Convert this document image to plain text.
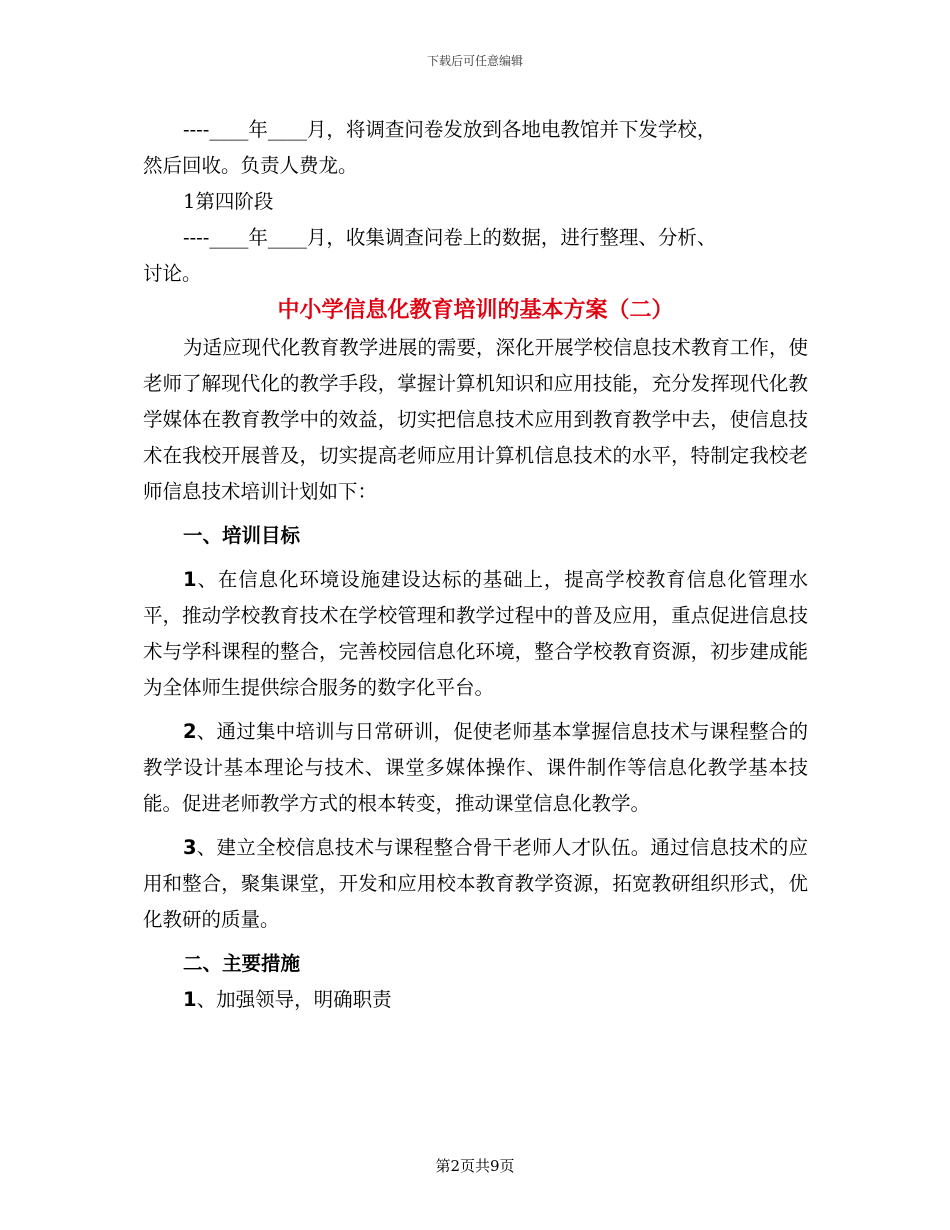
下载后可任意编辑

----____年____月，将调查问卷发放到各地电教馆并下发学校，

然后回收。负责人费龙。

1第四阶段

----____年____月，收集调查问卷上的数据，进行整理、分析、

讨论。

中小学信息化教育培训的基本方案（二）

为适应现代化教育教学进展的需要，深化开展学校信息技术教育工作，使老师了解现代化的教学手段，掌握计算机知识和应用技能，充分发挥现代化教学媒体在教育教学中的效益，切实把信息技术应用到教育教学中去，使信息技术在我校开展普及，切实提高老师应用计算机信息技术的水平，特制定我校老师信息技术培训计划如下：

一、培训目标

1、在信息化环境设施建设达标的基础上，提高学校教育信息化管理水平，推动学校教育技术在学校管理和教学过程中的普及应用，重点促进信息技术与学科课程的整合，完善校园信息化环境，整合学校教育资源，初步建成能为全体师生提供综合服务的数字化平台。

2、通过集中培训与日常研训，促使老师基本掌握信息技术与课程整合的教学设计基本理论与技术、课堂多媒体操作、课件制作等信息化教学基本技能。促进老师教学方式的根本转变，推动课堂信息化教学。

3、建立全校信息技术与课程整合骨干老师人才队伍。通过信息技术的应用和整合，聚集课堂，开发和应用校本教育教学资源，拓宽教研组织形式，优化教研的质量。

二、主要措施

1、加强领导，明确职责

第2页共9页
